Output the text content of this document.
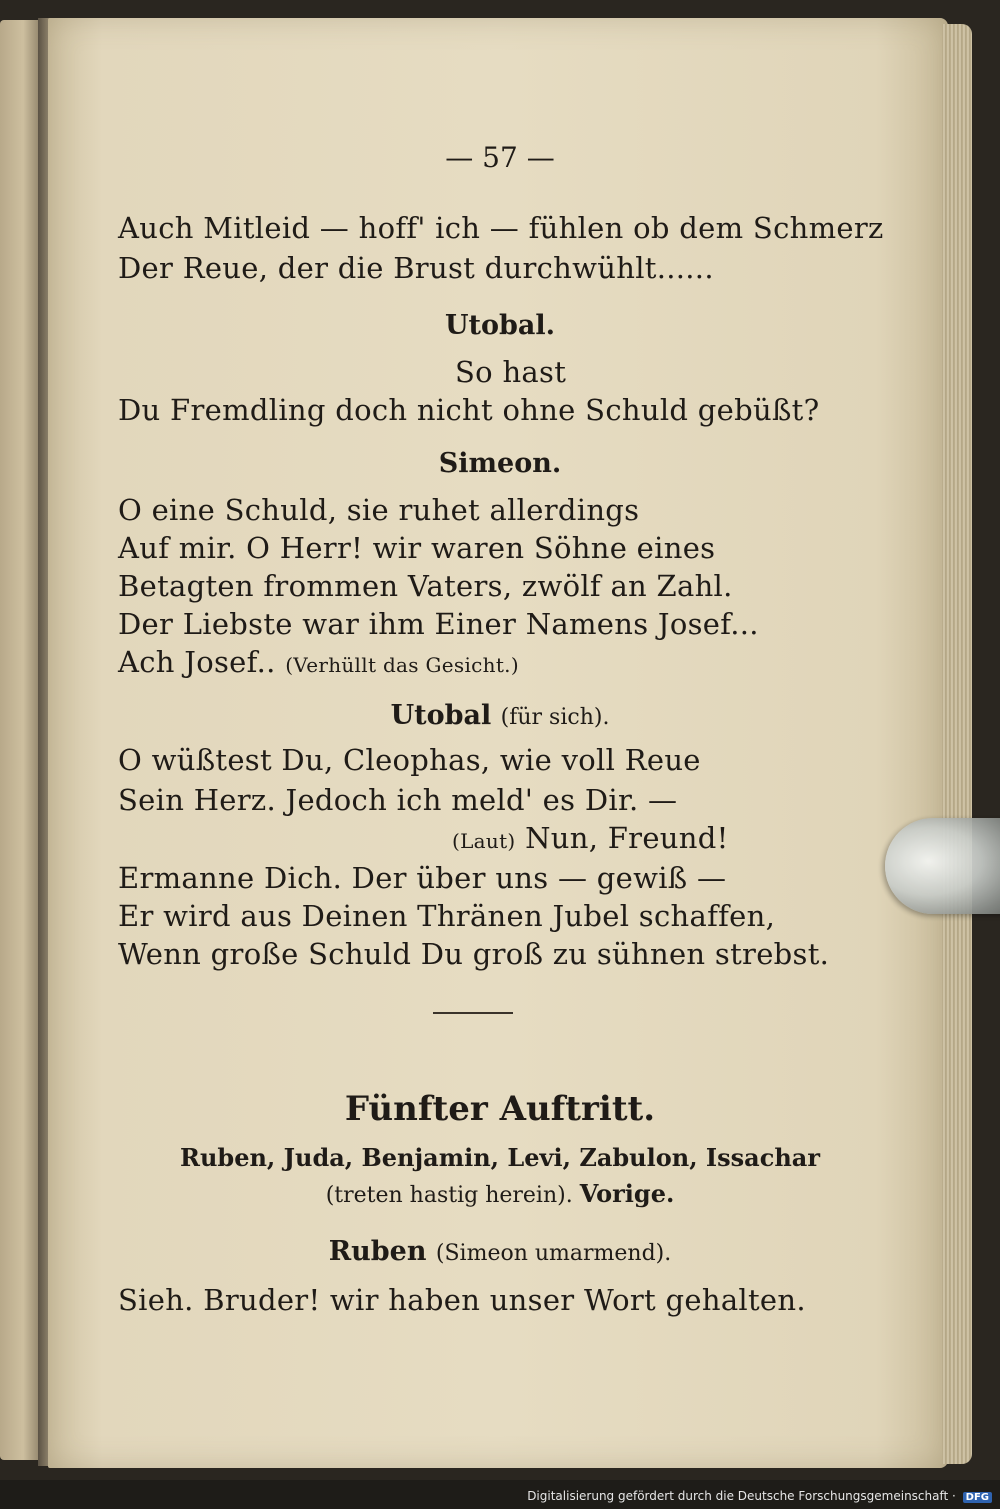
— 57 —
Auch Mitleid — hoff' ich — fühlen ob dem Schmerz
Der Reue, der die Brust durchwühlt......
Utobal.
So hast
Du Fremdling doch nicht ohne Schuld gebüßt?
Simeon.
O eine Schuld, sie ruhet allerdings
Auf mir. O Herr! wir waren Söhne eines
Betagten frommen Vaters, zwölf an Zahl.
Der Liebste war ihm Einer Namens Josef...
Ach Josef.. (Verhüllt das Gesicht.)
Utobal (für sich).
O wüßtest Du, Cleophas, wie voll Reue
Sein Herz. Jedoch ich meld' es Dir. —
(Laut) Nun, Freund!
Ermanne Dich. Der über uns — gewiß —
Er wird aus Deinen Thränen Jubel schaffen,
Wenn große Schuld Du groß zu sühnen strebst.
Fünfter Auftritt.
Ruben, Juda, Benjamin, Levi, Zabulon, Issachar
(treten hastig herein). Vorige.
Ruben (Simeon umarmend).
Sieh. Bruder! wir haben unser Wort gehalten.
Digitalisierung gefördert durch die Deutsche Forschungsgemeinschaft · DFG
